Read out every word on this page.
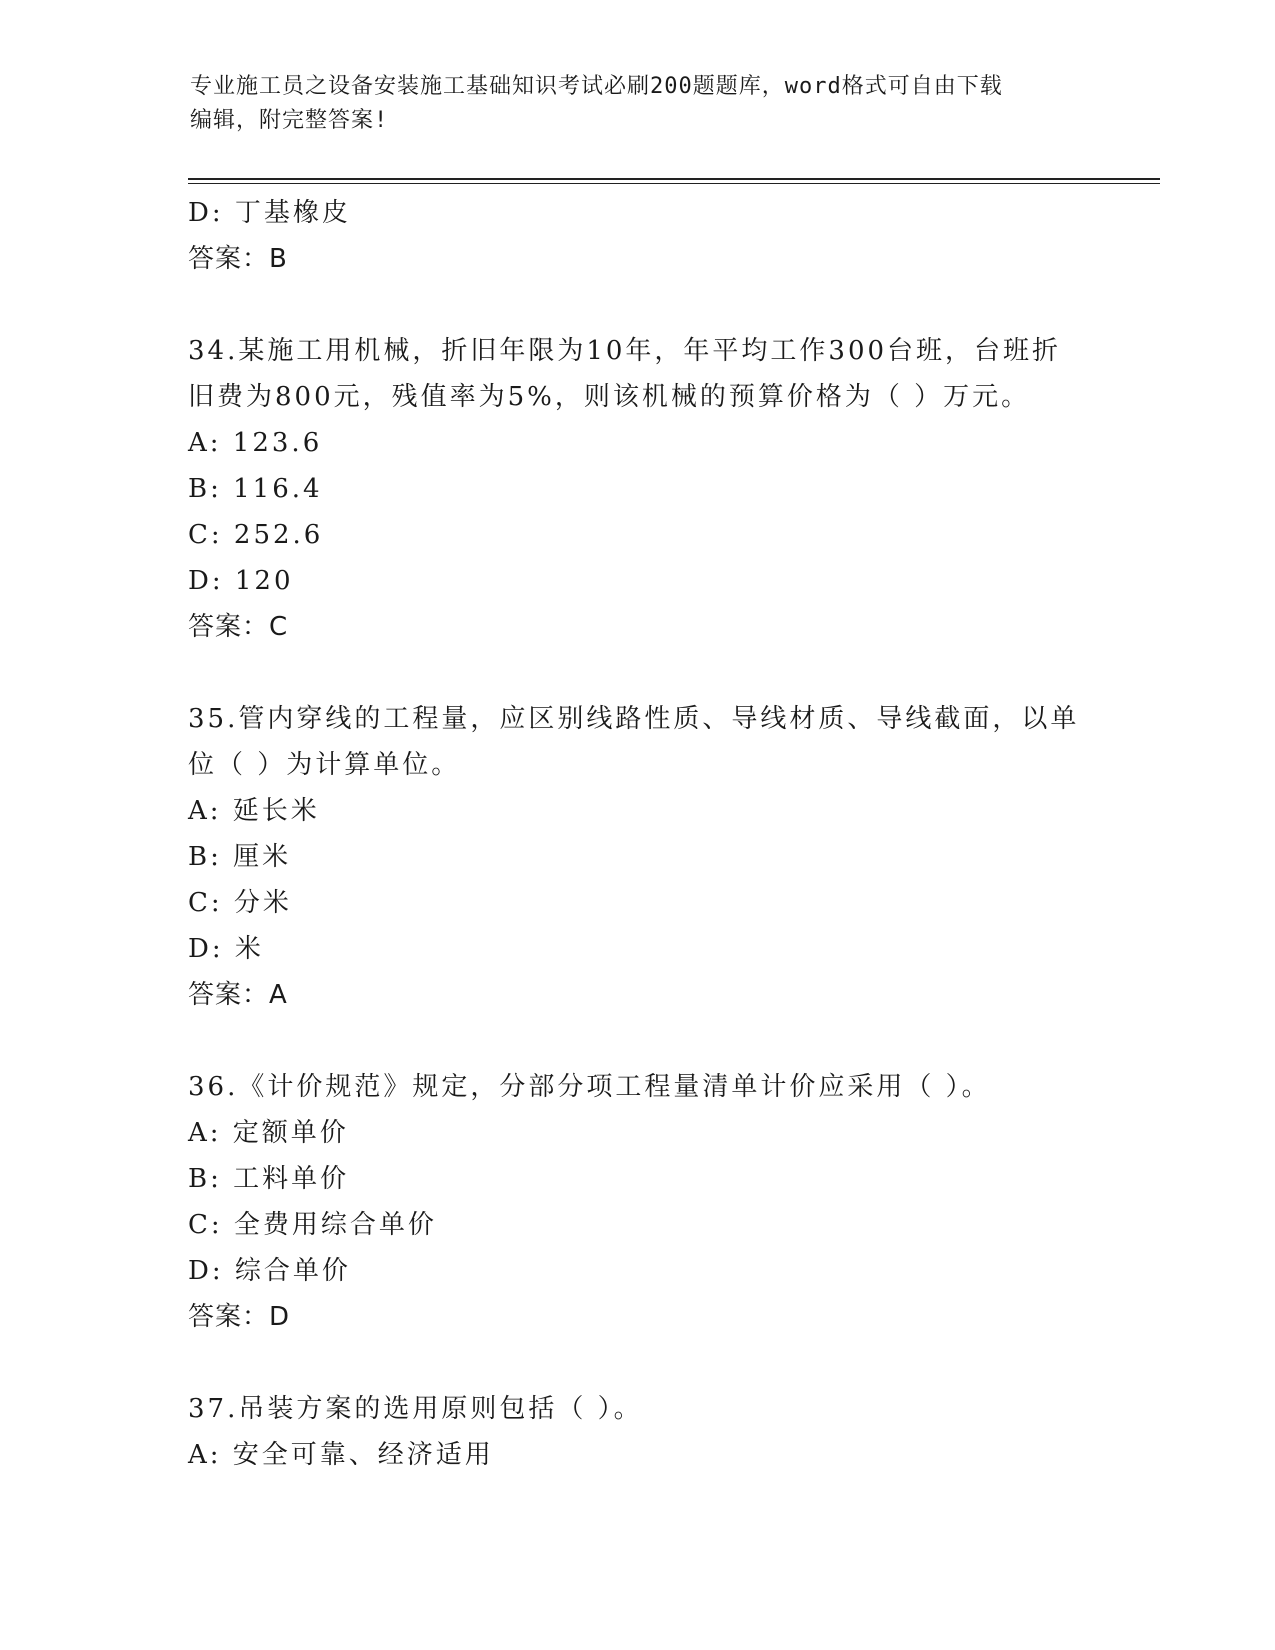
专业施工员之设备安装施工基础知识考试必刷200题题库，word格式可自由下载
编辑，附完整答案!
D: 丁基橡皮
答案：B
34.某施工用机械，折旧年限为10年，年平均工作300台班，台班折
旧费为800元，残值率为5%，则该机械的预算价格为（ ）万元。
A: 123.6
B: 116.4
C: 252.6
D: 120
答案：C
35.管内穿线的工程量，应区别线路性质、导线材质、导线截面，以单
位（ ）为计算单位。
A: 延长米
B: 厘米
C: 分米
D: 米
答案：A
36.《计价规范》规定，分部分项工程量清单计价应采用（ ）。
A: 定额单价
B: 工料单价
C: 全费用综合单价
D: 综合单价
答案：D
37.吊装方案的选用原则包括（ ）。
A: 安全可靠、经济适用
